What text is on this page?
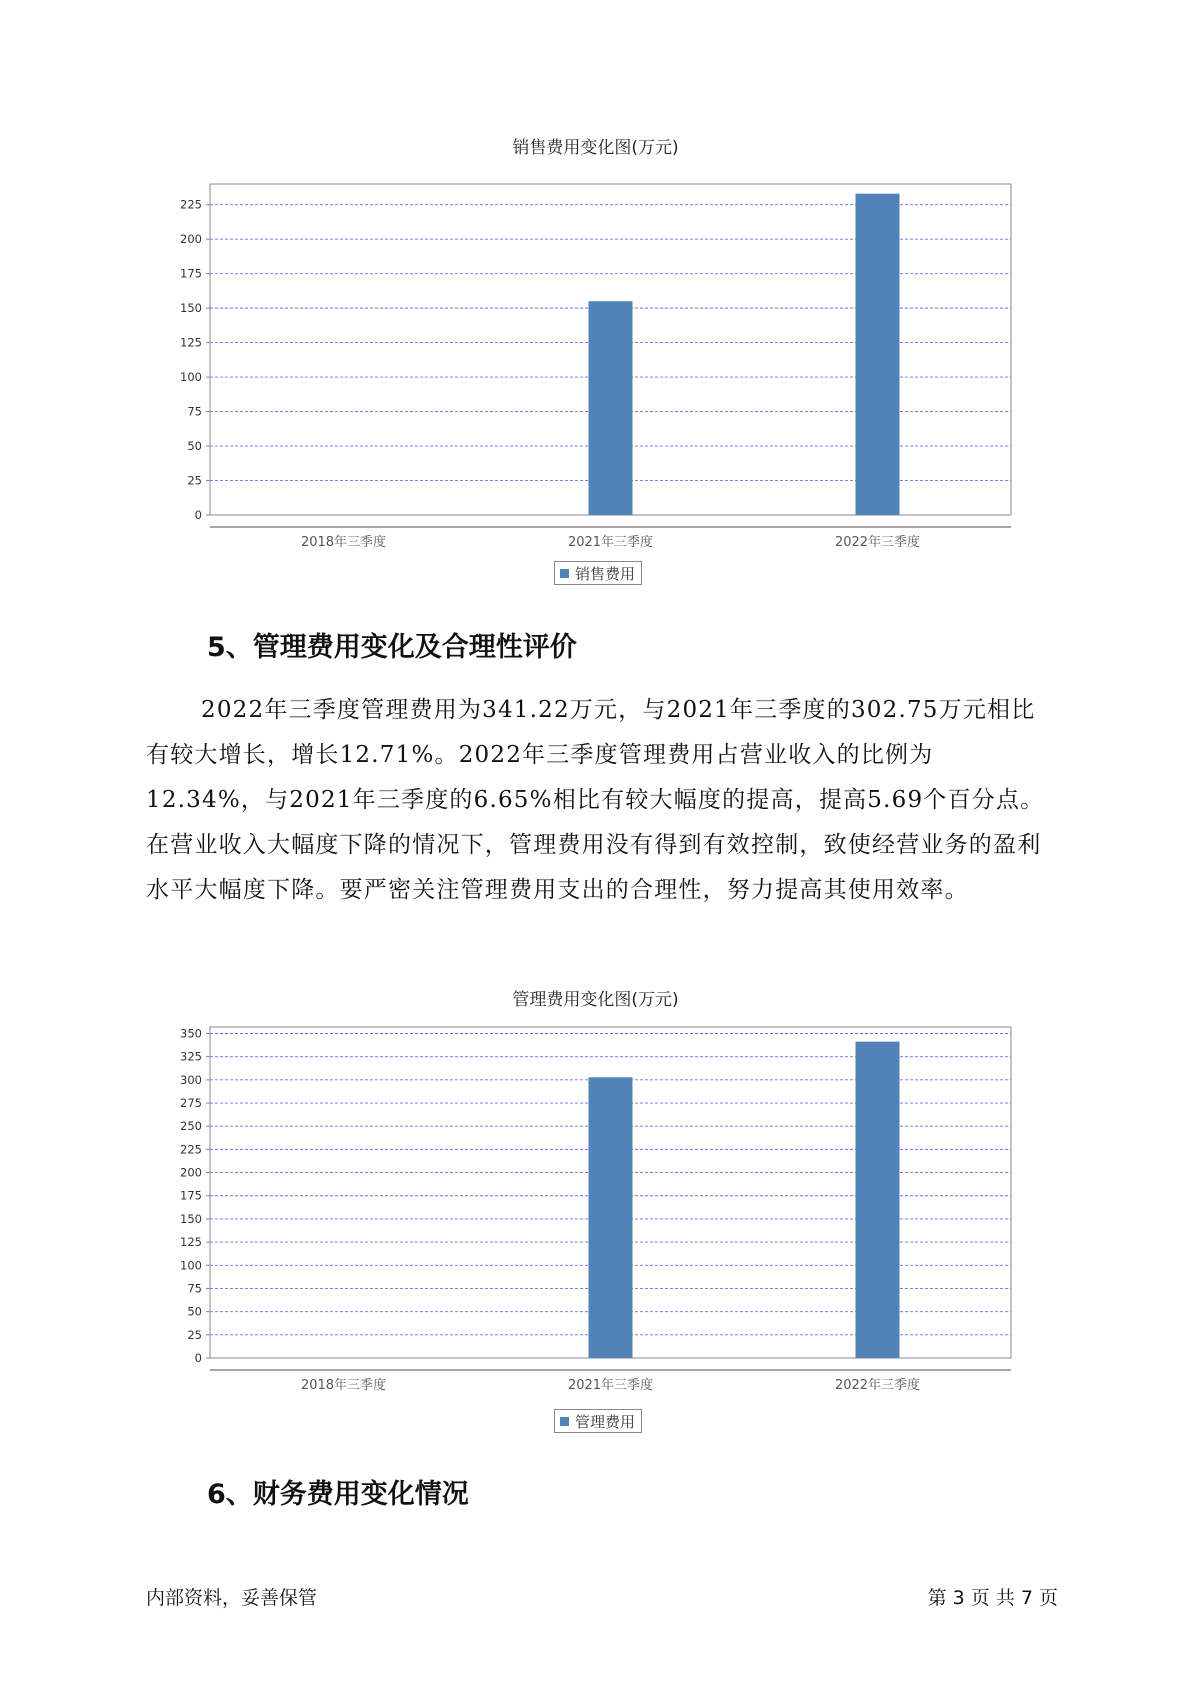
销售费用变化图(万元)
0
25
50
75
100
125
150
175
200
225
2018年三季度	2021年三季度	2022年三季度
销售费用
5、管理费用变化及合理性评价

2022年三季度管理费用为341.22万元，与2021年三季度的302.75万元相比有较大增长，增长12.71%。2022年三季度管理费用占营业收入的比例为12.34%，与2021年三季度的6.65%相比有较大幅度的提高，提高5.69个百分点。在营业收入大幅度下降的情况下，管理费用没有得到有效控制，致使经营业务的盈利水平大幅度下降。要严密关注管理费用支出的合理性，努力提高其使用效率。

管理费用变化图(万元)
0
25
50
75
100
125
150
175
200
225
250
275
300
325
350
2018年三季度	2021年三季度	2022年三季度
管理费用
6、财务费用变化情况
内部资料，妥善保管	第 3 页 共 7 页
